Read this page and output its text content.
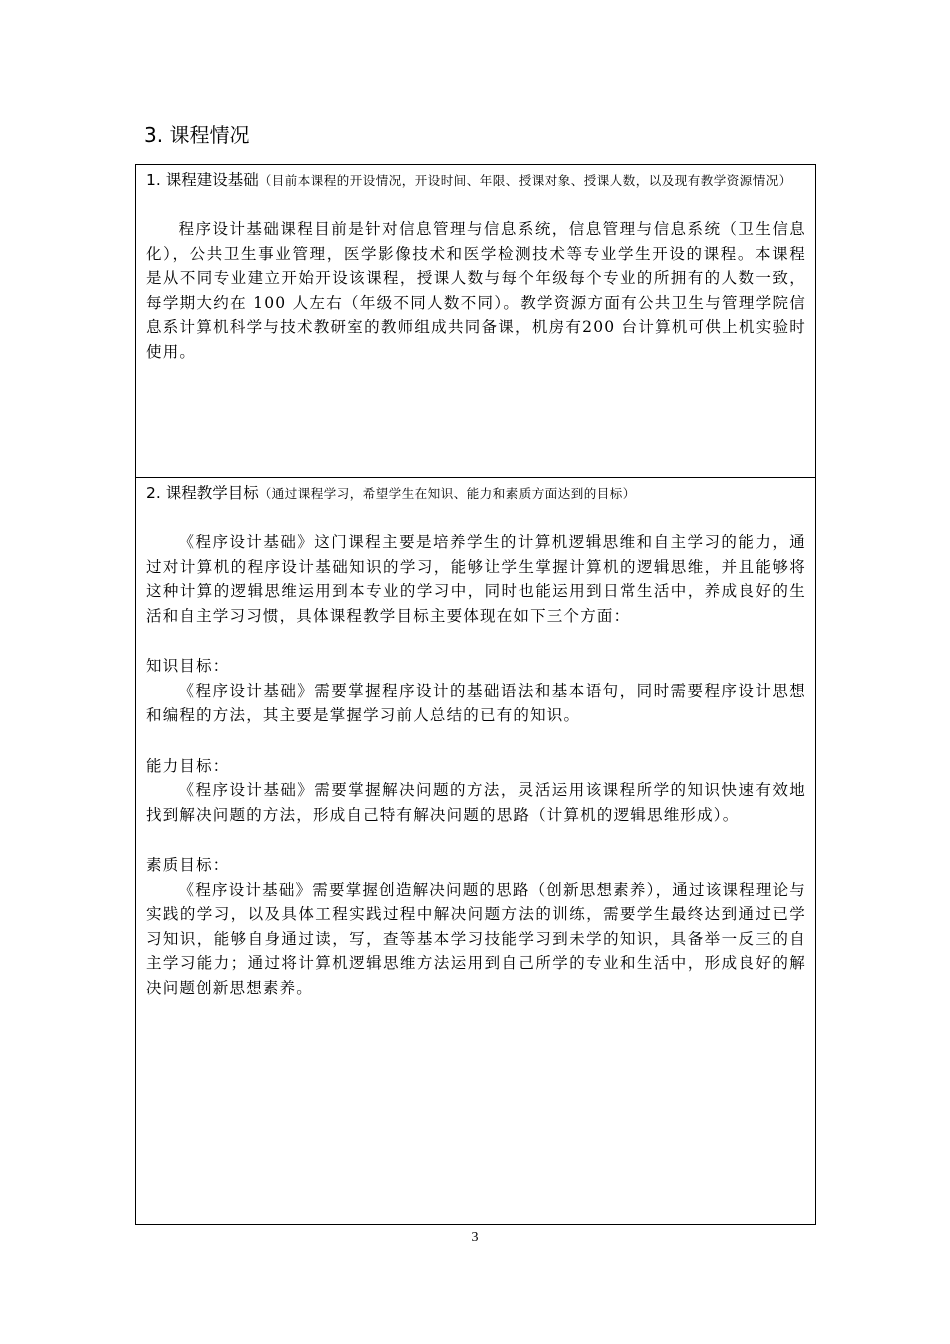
3. 课程情况
1. 课程建设基础（目前本课程的开设情况，开设时间、年限、授课对象、授课人数，以及现有教学资源情况）

程序设计基础课程目前是针对信息管理与信息系统，信息管理与信息系统（卫生信息化），公共卫生事业管理，医学影像技术和医学检测技术等专业学生开设的课程。本课程是从不同专业建立开始开设该课程，授课人数与每个年级每个专业的所拥有的人数一致，每学期大约在 100 人左右（年级不同人数不同）。教学资源方面有公共卫生与管理学院信息系计算机科学与技术教研室的教师组成共同备课，机房有200 台计算机可供上机实验时使用。

2. 课程教学目标（通过课程学习，希望学生在知识、能力和素质方面达到的目标）

《程序设计基础》这门课程主要是培养学生的计算机逻辑思维和自主学习的能力，通过对计算机的程序设计基础知识的学习，能够让学生掌握计算机的逻辑思维，并且能够将这种计算的逻辑思维运用到本专业的学习中，同时也能运用到日常生活中，养成良好的生活和自主学习习惯，具体课程教学目标主要体现在如下三个方面：

知识目标：

《程序设计基础》需要掌握程序设计的基础语法和基本语句，同时需要程序设计思想和编程的方法，其主要是掌握学习前人总结的已有的知识。

能力目标：

《程序设计基础》需要掌握解决问题的方法，灵活运用该课程所学的知识快速有效地找到解决问题的方法，形成自己特有解决问题的思路（计算机的逻辑思维形成）。

素质目标：

《程序设计基础》需要掌握创造解决问题的思路（创新思想素养），通过该课程理论与实践的学习，以及具体工程实践过程中解决问题方法的训练，需要学生最终达到通过已学习知识，能够自身通过读，写，查等基本学习技能学习到未学的知识，具备举一反三的自主学习能力；通过将计算机逻辑思维方法运用到自己所学的专业和生活中，形成良好的解决问题创新思想素养。

3
